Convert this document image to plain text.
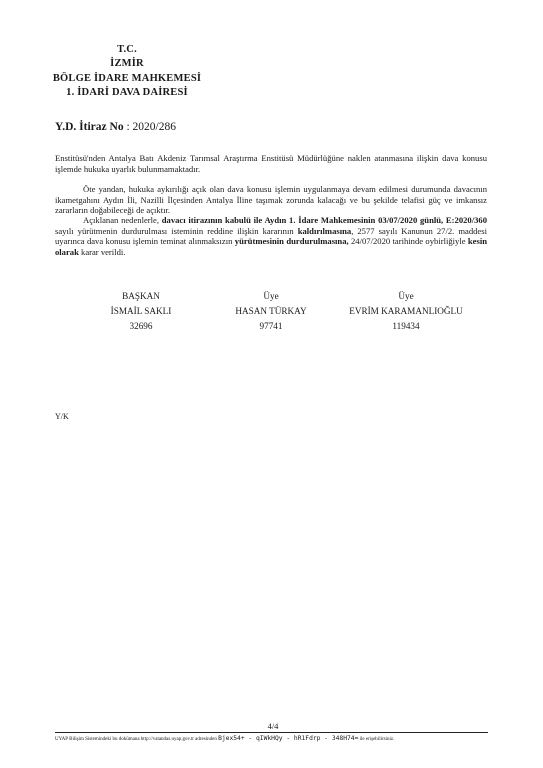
T.C.
İZMİR
BÖLGE İDARE MAHKEMESİ
1. İDARİ DAVA DAİRESİ
Y.D. İtiraz No : 2020/286
Enstitüsü'nden Antalya Batı Akdeniz Tarımsal Araştırma Enstitüsü Müdürlüğüne naklen atanmasına ilişkin dava konusu işlemde hukuka uyarlık bulunmamaktadır.
Öte yandan, hukuka aykırılığı açık olan dava konusu işlemin uygulanmaya devam edilmesi durumunda davacının ikametgahını Aydın İli, Nazilli İlçesinden Antalya İline taşımak zorunda kalacağı ve bu şekilde telafisi güç ve imkansız zararların doğabileceği de açıktır.
Açıklanan nedenlerle, davacı itirazının kabulü ile Aydın 1. İdare Mahkemesinin 03/07/2020 günlü, E:2020/360 sayılı yürütmenin durdurulması isteminin reddine ilişkin kararının kaldırılmasına, 2577 sayılı Kanunun 27/2. maddesi uyarınca dava konusu işlemin teminat alınmaksızın yürütmesinin durdurulmasına, 24/07/2020 tarihinde oybirliğiyle kesin olarak karar verildi.
BAŞKAN
İSMAİL SAKLI
32696
Üye
HASAN TÜRKAY
97741
Üye
EVRİM KARAMANLIOĞLU
119434
Y/K
4/4
UYAP Bilişim Sistemindeki bu dokümana http://vatandas.uyap.gov.tr adresinden Bjex54+ - qIWkHQy - hR1Fdrp - 348H74= ile erişebilirsiniz.
